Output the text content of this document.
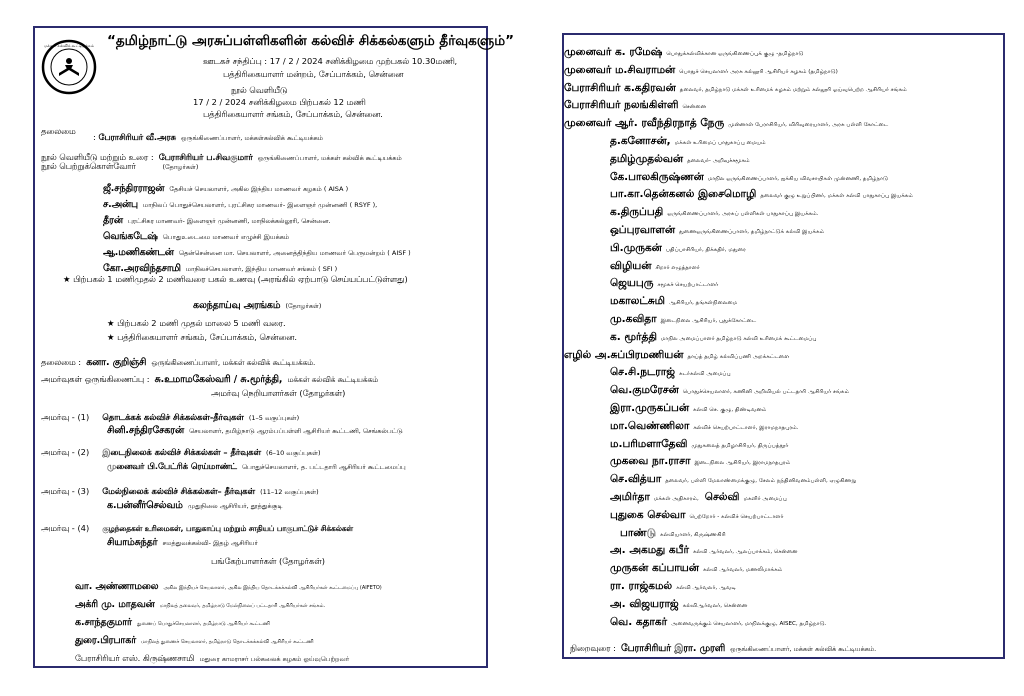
மக்கள் கல்விக் கூட்டியக்கம் “தமிழ்நாட்டு அரசுப்பள்ளிகளின் கல்விச் சிக்கல்களும் தீர்வுகளும்”
ஊடகச் சந்திப்பு : 17 / 2 / 2024 சனிக்கிழமை முற்பகல் 10.30மணி,
பத்திரிகையாளர் மன்றம், சேப்பாக்கம், சென்னை
நூல் வெளியீடு
17 / 2 / 2024 சனிக்கிழமை பிற்பகல் 12 மணி
பத்திரிகையாளர் சங்கம், சேப்பாக்கம், சென்னை.
தலைமை
: பேராசிரியர் வீ.அரசு ஒருங்கிணைப்பாளர், மக்கள்கல்விக் கூட்டியக்கம்
நூல் வெளியீடு மற்றும் உரை : பேராசிரியர் ப.சிவகுமார் ஒருங்கிணைப்பாளர், மக்கள் கல்விக் கூட்டியக்கம்
நூல் பெற்றுக்கொள்வோர்	(தோழர்கள்)
ஜீ.சந்திரராஜன் தேசியச் செயலாளர், அகில இந்திய மாணவர் கழகம் ( AISA )
ச.அன்பு மாநிலப் பொதுச்செயலாளர், புரட்சிகர மாணவர்- இளைஞர் முன்னணி ( RSYF ),
தீரன் புரட்சிகர மாணவர்- இளைஞர் முன்னணி, மாநிலக்கல்லூரி, சென்னை.
வெங்கடேஷ் பொதுஉடைமை மாணவர் எழுச்சி இயக்கம்
ஆ.மணிகண்டன் தென்சென்னை மா. செயலாளர், அனைத்திந்திய மாணவர் பெருமன்றம் ( AISF )
கோ.அரவிந்தசாமி மாநிலச்செயலாளர், இந்திய மாணவர் சங்கம் ( SFI )
★ பிற்பகல் 1 மணிமுதல் 2 மணிவரை பகல் உணவு (அரங்கில் ஏற்பாடு செய்யப்பட்டுள்ளது)
கலந்தாய்வு அரங்கம் (தோழர்கள்)
★ பிற்பகல் 2 மணி முதல் மாலை 5 மணி வரை.
★ பத்திரிகையாளர் சங்கம், சேப்பாக்கம், சென்னை.
தலைமை : கனா. குறிஞ்சி ஒருங்கிணைப்பாளர், மக்கள் கல்விக் கூட்டியக்கம்.
அமர்வுகள் ஒருங்கிணைப்பு : சு.உமாமகேஸ்வரி / சு.மூர்த்தி, மக்கள் கல்விக் கூட்டியக்கம்
அமர்வு நெறியாளர்கள் (தோழர்கள்)
அமர்வு - (1) தொடக்கக் கல்விச் சிக்கல்கள்-தீர்வுகள் (1–5 வகுப்புகள்)
சினி.சந்திரசேகரன் செயலாளர், தமிழ்நாடு ஆரம்பப்பள்ளி ஆசிரியர் கூட்டணி, செங்கல்பட்டு
அமர்வு - (2) இடைநிலைக் கல்விச் சிக்கல்கள் – தீர்வுகள் (6–10 வகுப்புகள்)
முனைவர் பி.பேட்ரிக் ரெய்மாண்ட் பொதுச்செயலாளர், த. பட்டதாரி ஆசிரியர் கூட்டமைப்பு
அமர்வு - (3) மேல்நிலைக் கல்விச் சிக்கல்கள்– தீர்வுகள் (11–12 வகுப்புகள்)
க.பன்னீர்செல்வம் முதுநிலை ஆசிரியர், தூத்துக்குடி
அமர்வு - (4) குழந்தைகள் உரிமைகள், பாதுகாப்பு மற்றும் சாதியப் பாகுபாட்டுச் சிக்கல்கள்
சியாம்சுந்தர் சமத்துவக்கல்வி- இதழ் ஆசிரியர்
பங்கேற்பாளர்கள் (தோழர்கள்)
வா. அண்ணாமலை அகில இந்தியச் செயலாளர், அகில இந்திய தொடக்கக்கல்வி ஆசிரியர்கள் கூட்டமைப்பு (AIFETO)
அக்ரி மு. மாதவன் மாநிலத் தலைவர், தமிழ்நாடு மேல்நிலைப் பட்டதாரி ஆசிரியர்கள் சங்கம்.
க.சாந்தகுமார் துணைப் பொதுச்செயலாளர், தமிழ்நாடு ஆசிரியர் கூட்டணி
துரை.பிரபாகர் மாநிலத் துணைச் செயலாளர், தமிழ்நாடு தொடக்கக்கல்வி ஆசிரியர் கூட்டணி
பேராசிரியர் எஸ். கிருஷ்ணசாமி மதுரை காமராசர் பல்கலைக் கழகம் ஓய்வுபெற்றவர்
முனைவர் க. ரமேஷ் பொதுக்கல்விக்கான ஒருங்கிணைப்புக் குழு -தமிழ்நாடு
முனைவர் ம.சிவராமன் பொதுச் செயலாளர் அரசு கல்லூரி ஆசிரியர் கழகம் (தமிழ்நாடு)
பேராசிரியர் க.கதிரவன் தலைவர், தமிழ்நாடு மக்கள் உரிமைக் கழகம் மற்றும் கல்லூரி ஓய்வுபெற்ற ஆசிரியர் சங்கம்
பேராசிரியர் நலங்கிள்ளி சென்னை
முனைவர் ஆர். ரவீந்திரநாத் நேரு முன்னாள் பேராசிரியர், விரிவுரையாளர், அரசு பள்ளி கோட்டை
த.கனோசன், மக்கள் உரிமைப் பாதுகாப்பு மையம்
தமிழ்முதல்வன் தலைவர்- அறிவுச்சமூகம்
கே.பாலகிருஷ்ணன் மாநில ஒருங்கிணைப்பாளர், ஐக்கிய விவசாயிகள் முன்னணி, தமிழ்நாடு
பா.கா.தென்கனல் இசைமொழி தலைவர் குழு உறுப்பினர், மக்கள் கல்வி பாதுகாப்பு இயக்கம்
க.திருப்பதி ஒருங்கிணைப்பாளர், அரசுப் பள்ளிகள் பாதுகாப்பு இயக்கம்.
ஒப்புரவாளன் துணைஒருங்கிணைப்பாளர், தமிழ்நாட்டுக் கல்வி இயக்கம்
பி.முருகன் பதிப்பாசிரியர், திக்கதிர், மதுரை
விழியன் சிறார் எழுத்தாளர்
ஜெயபுரு சமூகச் செயற்பாட்டாளர்
மகாலட்சுமி ஆசிரியர், தங்கள்நிலைமை
மு.கவிதா இடைநிலை ஆசிரியர், புதுக்கோட்டை
க. மூர்த்தி மாநில அமைப்பாளர் தமிழ்நாடு கல்வி உரிமைக் கூட்டமைப்பு
எழில் அ.சுப்பிரமணியன் தாய்த் தமிழ் கல்விப்பணி அறக்கட்டளை
செ.சி.நடராஜ் சுடர்கல்வி அமைப்பு
வெ.குமரேசன் பொதுச்செயலாளர், கணினி அறிவியல் பட்டதாரி ஆசிரியர் சங்கம்
இரா.முருகப்பன் கல்வி செ. குழு, திண்டிவனம்
மா.வெண்ணிலா கல்விச் செயற்பாட்டாளர், இராமநாதபுரம்.
ம.பரிமளாதேவி முதுகலைத் தமிழாசிரியர், திருப்பத்தூர்
முகவை நா.ராசா இடைநிலை ஆசிரியர், இராமநாதபுரம்
செ.வித்யா தலைவர், பள்ளி மேலாண்மைக்குழு, சேலம் நந்தினிவனம்பள்ளி, ஏழுகிணறு
அமிர்தா மக்கள் அதிகாரம், செல்வி மகளிர் அமைப்பு
புதுகை செல்வா பெற்றோர் - கல்விச் செயற்பாட்டாளர்
பாண்டு கல்வியாளர், கிருஷ்ணகிரி
அ. அகமது கபீர் கல்வி ஆர்வலர், ஆலப்பாக்கம், சென்னை
முருகன் கப்பாயன் கல்வி ஆர்வலர், மணலிமாக்கம்
ரா. ராஜ்கமல் கல்வி ஆர்வலர், ஆவடி
அ. விஜயராஜ் கல்விஆர்வலர், சென்னை
வெ. கதாகர் அனைவருக்கும் செயலாளர், மாநிலக்குழு, AISEC, தமிழ்நாடு.
நிறைவுரை : பேராசிரியர் இரா. முரளி ஒருங்கிணைப்பாளர், மக்கள் கல்விக் கூட்டியக்கம்.
